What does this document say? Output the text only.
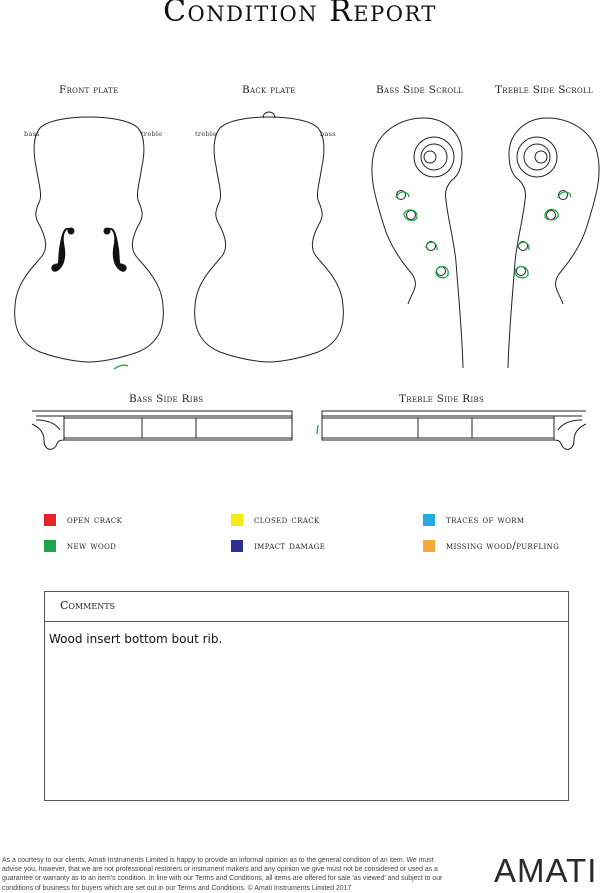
Condition Report
Front plate	Back plate	Bass Side Scroll	Treble Side Scroll
bass	treble	treble	bass
Bass Side Ribs	Treble Side Ribs
open crack	closed crack	traces of worm
new wood	impact damage	missing wood/purfling
Comments
Wood insert bottom bout rib.
As a courtesy to our clients, Amati Instruments Limited is happy to provide an informal opinion as to the general condition of an item. We must advise you, however, that we are not professional restorers or instrument makers and any opinion we give must not be considered or used as a guarantee or warranty as to an item's condition. In line with our Terms and Conditions, all items are offered for sale 'as viewed' and subject to our conditions of business for buyers which are set out in our Terms and Conditions. © Amati Instruments Limited 2017	AMATI
